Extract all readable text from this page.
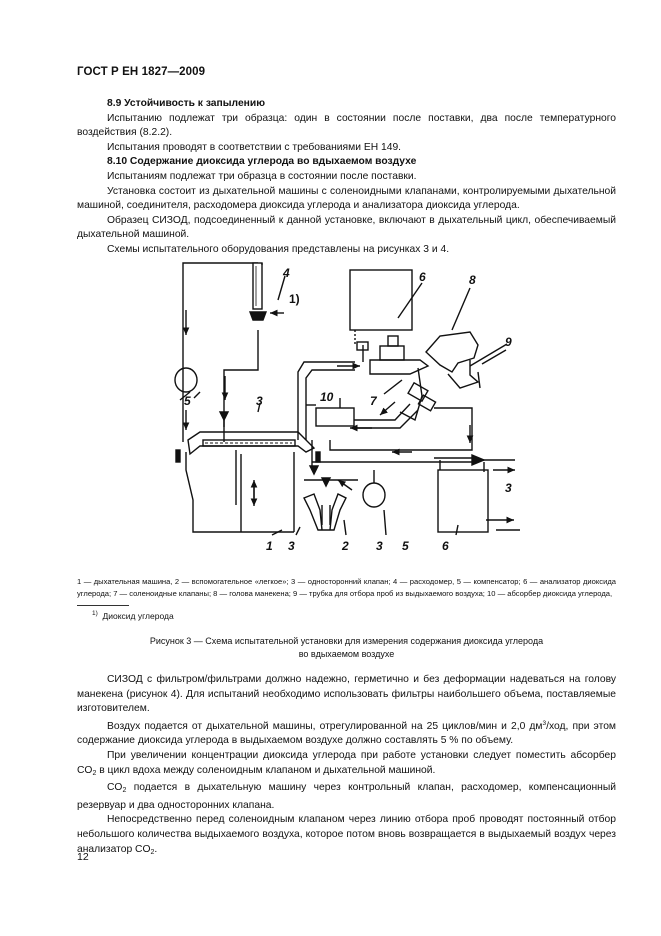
ГОСТ Р ЕН 1827—2009

8.9 Устойчивость к запылению

Испытанию подлежат три образца: один в состоянии после поставки, два после температурного воздействия (8.2.2).

Испытания проводят в соответствии с требованиями ЕН 149.

8.10 Содержание диоксида углерода во вдыхаемом воздухе

Испытаниям подлежат три образца в состоянии после поставки.

Установка состоит из дыхательной машины с соленоидными клапанами, контролируемыми дыхательной машиной, соединителя, расходомера диоксида углерода и анализатора диоксида углерода.

Образец СИЗОД, подсоединенный к данной установке, включают в дыхательный цикл, обеспечиваемый дыхательной машиной.

Схемы испытательного оборудования представлены на рисунках 3 и 4.

4
1)
6	8
9
5	3	10	7
3
1 3	2 3 5	6
1 — дыхательная машина, 2 — вспомогательное «легкое»; 3 — односторонний клапан; 4 — расходомер, 5 — компенсатор; 6 — анализатор диоксида углерода; 7 — соленоидные клапаны; 8 — голова манекена; 9 — трубка для отбора проб из выдыхаемого воздуха; 10 — абсорбер диоксида углерода,
$^{1)}$ Диоксид углерода
Рисунок 3 — Схема испытательной установки для измерения содержания диоксида углерода
во вдыхаемом воздухе

СИЗОД с фильтром/фильтрами должно надежно, герметично и без деформации надеваться на голову манекена (рисунок 4). Для испытаний необходимо использовать фильтры наибольшего объема, поставляемые изготовителем.

Воздух подается от дыхательной машины, отрегулированной на 25 циклов/мин и 2,0 $дм^3$/ход, при этом содержание диоксида углерода в выдыхаемом воздухе должно составлять 5 % по объему.

При увеличении концентрации диоксида углерода при работе установки следует поместить абсорбер $CO_2$ в цикл вдоха между соленоидным клапаном и дыхательной машиной.

$CO_2$ подается в дыхательную машину через контрольный клапан, расходомер, компенсационный резервуар и два односторонних клапана.

Непосредственно перед соленоидным клапаном через линию отбора проб проводят постоянный отбор небольшого количества выдыхаемого воздуха, которое потом вновь возвращается в выдыхаемый воздух через анализатор $CO_2$.

12
